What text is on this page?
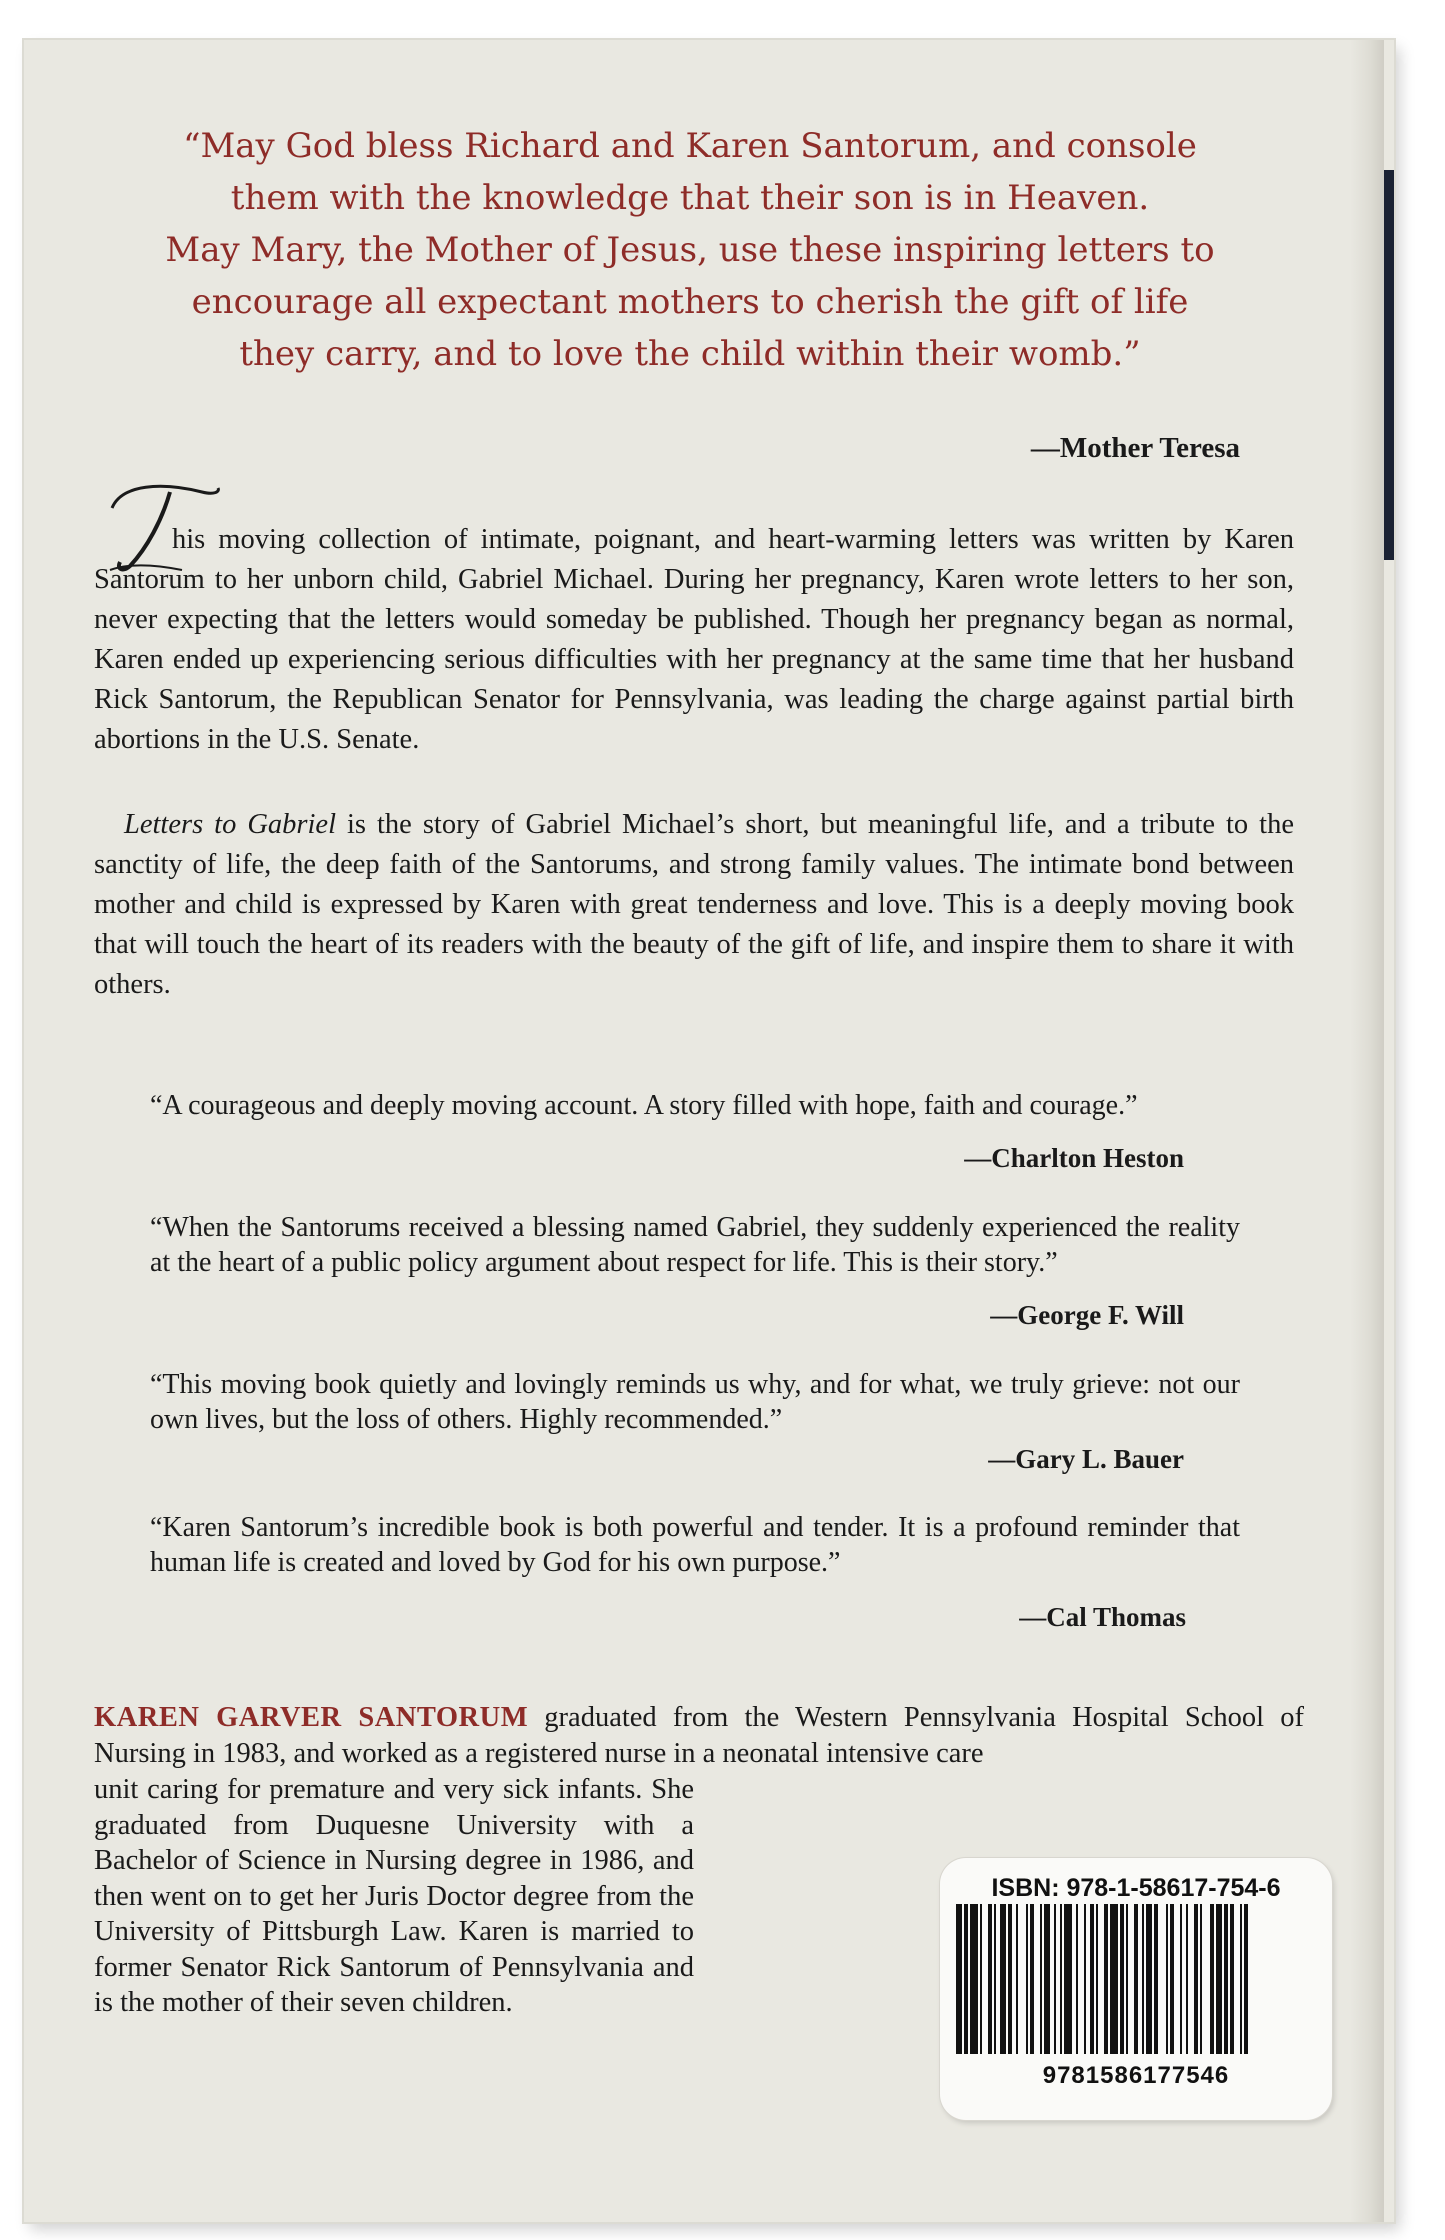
“May God bless Richard and Karen Santorum, and console
them with the knowledge that their son is in Heaven.
May Mary, the Mother of Jesus, use these inspiring letters to
encourage all expectant mothers to cherish the gift of life
they carry, and to love the child within their womb.”
—Mother Teresa
his moving collection of intimate, poignant, and heart-warming letters was written by Karen Santorum to her unborn child, Gabriel Michael. During her pregnancy, Karen wrote letters to her son, never expecting that the letters would someday be published. Though her pregnancy began as normal, Karen ended up experiencing serious difficulties with her pregnancy at the same time that her husband Rick Santorum, the Republican Senator for Pennsylvania, was leading the charge against partial birth abortions in the U.S. Senate.
Letters to Gabriel is the story of Gabriel Michael’s short, but meaningful life, and a tribute to the sanctity of life, the deep faith of the Santorums, and strong family values. The intimate bond between mother and child is expressed by Karen with great tenderness and love. This is a deeply moving book that will touch the heart of its readers with the beauty of the gift of life, and inspire them to share it with others.
“A courageous and deeply moving account. A story filled with hope, faith and courage.”
—Charlton Heston
“When the Santorums received a blessing named Gabriel, they suddenly experienced the reality at the heart of a public policy argument about respect for life. This is their story.”
—George F. Will
“This moving book quietly and lovingly reminds us why, and for what, we truly grieve: not our own lives, but the loss of others. Highly recommended.”
—Gary L. Bauer
“Karen Santorum’s incredible book is both powerful and tender. It is a profound reminder that human life is created and loved by God for his own purpose.”
—Cal Thomas
KAREN GARVER SANTORUM graduated from the Western Pennsylvania Hospital School of Nursing in 1983, and worked as a registered nurse in a neonatal intensive care
unit caring for premature and very sick infants. She graduated from Duquesne University with a Bachelor of Science in Nursing degree in 1986, and then went on to get her Juris Doctor degree from the University of Pittsburgh Law. Karen is married to former Senator Rick Santorum of Pennsylvania and is the mother of their seven children.
ISBN: 978-1-58617-754-6
9781586177546
